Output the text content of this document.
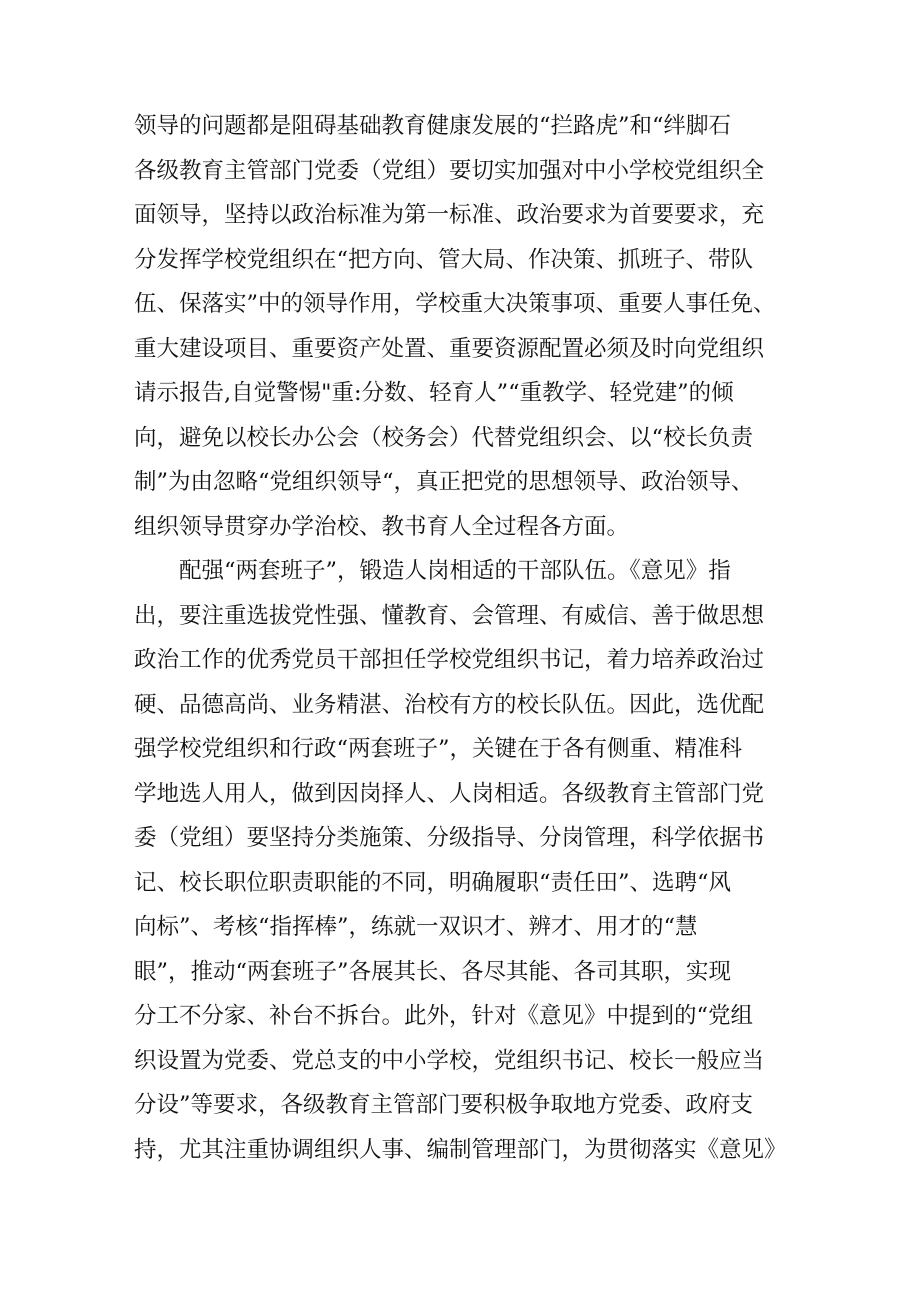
领导的问题都是阻碍基础教育健康发展的“拦路虎”和“绊脚石
各级教育主管部门党委（党组）要切实加强对中小学校党组织全
面领导，坚持以政治标准为第一标准、政治要求为首要要求，充
分发挥学校党组织在“把方向、管大局、作决策、抓班子、带队
伍、保落实”中的领导作用，学校重大决策事项、重要人事任免、
重大建设项目、重要资产处置、重要资源配置必须及时向党组织
请示报告,自觉警惕"重:分数、轻育人”“重教学、轻党建”的倾
向，避免以校长办公会（校务会）代替党组织会、以“校长负责
制”为由忽略“党组织领导“，真正把党的思想领导、政治领导、
组织领导贯穿办学治校、教书育人全过程各方面。
　　配强“两套班子”，锻造人岗相适的干部队伍。《意见》指
出，要注重选拔党性强、懂教育、会管理、有威信、善于做思想
政治工作的优秀党员干部担任学校党组织书记，着力培养政治过
硬、品德高尚、业务精湛、治校有方的校长队伍。因此，选优配
强学校党组织和行政“两套班子”，关键在于各有侧重、精准科
学地选人用人，做到因岗择人、人岗相适。各级教育主管部门党
委（党组）要坚持分类施策、分级指导、分岗管理，科学依据书
记、校长职位职责职能的不同，明确履职“责任田”、选聘“风
向标”、考核“指挥棒”，练就一双识才、辨才、用才的“慧
眼”，推动“两套班子”各展其长、各尽其能、各司其职，实现
分工不分家、补台不拆台。此外，针对《意见》中提到的“党组
织设置为党委、党总支的中小学校，党组织书记、校长一般应当
分设”等要求，各级教育主管部门要积极争取地方党委、政府支
持，尤其注重协调组织人事、编制管理部门，为贯彻落实《意见》
